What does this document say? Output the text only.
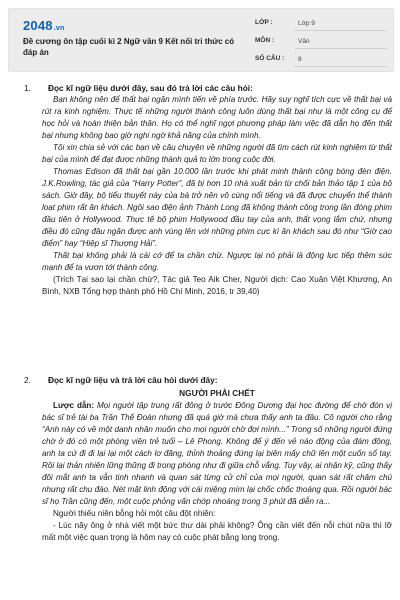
2048.vn
Đề cương ôn tập cuối kì 2 Ngữ văn 9 Kết nối tri thức có đáp án
LỚP :	Lớp 9
MÔN :	Văn
SỐ CÂU :	8
1. Đọc kĩ ngữ liệu dưới đây, sau đó trả lời các câu hỏi:

Bạn không nên để thất bại ngăn mình tiến về phía trước. Hãy suy nghĩ tích cực về thất bại và rút ra kinh nghiệm. Thực tế những người thành công luôn dùng thất bại như là một công cụ để học hỏi và hoàn thiện bản thân. Họ có thể nghĩ ngợi phương pháp làm việc đã dẫn họ đến thất bại nhưng không bao giờ nghi ngờ khả năng của chính mình.

Tôi xin chia sẻ với các bạn về câu chuyện về những người đã tìm cách rút kinh nghiệm từ thất bại của mình để đạt được những thành quả to lớn trong cuộc đời.

Thomas Edison đã thất bại gần 10.000 lần trước khi phát minh thành công bóng đèn điện. J.K.Rowling, tác giả của “Harry Potter”, đã bị hơn 10 nhà xuất bản từ chối bản thảo tập 1 của bộ sách. Giờ đây, bộ tiểu thuyết này của bà trở nên vô cùng nổi tiếng và đã được chuyển thể thành loạt phim rất ăn khách. Ngôi sao điện ảnh Thành Long đã không thành công trong lần đóng phim đầu tiên ở Hollywood. Thực tế bộ phim Hollywood đầu tay của anh, thất vọng lắm chứ, nhưng điều đó cũng đâu ngăn được anh vùng lên với những phim cực kì ăn khách sau đó như “Giờ cao điểm” hay “Hiệp sĩ Thượng Hải”.

Thất bại không phải là cái cớ để ta chần chừ. Ngược lại nó phải là động lực tiếp thêm sức mạnh để ta vươn tới thành công.

(Trích Tại sao lại chần chừ?, Tác giả Teo Aik Cher, Người dịch: Cao Xuân Việt Khương, An Bình, NXB Tổng hợp thành phố Hồ Chí Minh, 2016, tr 39,40)

2. Đọc kĩ ngữ liệu và trả lời câu hỏi dưới đây:

NGƯỜI PHẢI CHẾT

Lược dẫn: Mọi người tập trung rất đông ở trước Đông Dương đại học đường để chờ đón vị bác sĩ trẻ tài ba Trần Thế Đoàn nhưng đã quá giờ mà chưa thấy anh ta đâu. Cô người cho rằng “Anh này có về một danh nhân muốn cho mọi người chờ đợi mình...” Trong số những người đứng chờ ở đó có một phóng viên trẻ tuổi – Lê Phong. Không để ý đến vẻ náo động của đám đông, anh ta cứ đi đi lại lại một cách lơ đãng, thỉnh thoảng đứng lại biên mấy chữ lên một cuốn sổ tay. Rồi lại thản nhiên lững thững đi trong phòng như đi giữa chỗ vắng. Tuy vậy, ai nhận kỹ, cũng thấy đôi mắt anh ta vẫn tinh nhanh và quan sát từng cử chỉ của mọi người, quan sát rất chăm chú nhưng rất chu đáo. Nét mặt linh động với cái miệng mím lại chốc chốc thoáng qua. Rồi người bác sĩ họ Trần cũng đến, một cuộc phỏng vấn chớp nhoáng trong 3 phút đã diễn ra...

Người thiếu niên bỗng hỏi một câu đột nhiên:

- Lúc nãy ông ở nhà viết một bức thư dài phải không? Ông cần viết đến nỗi chút nữa thì lỡ mất một việc quan trọng là hôm nay có cuộc phát bằng long trọng.
